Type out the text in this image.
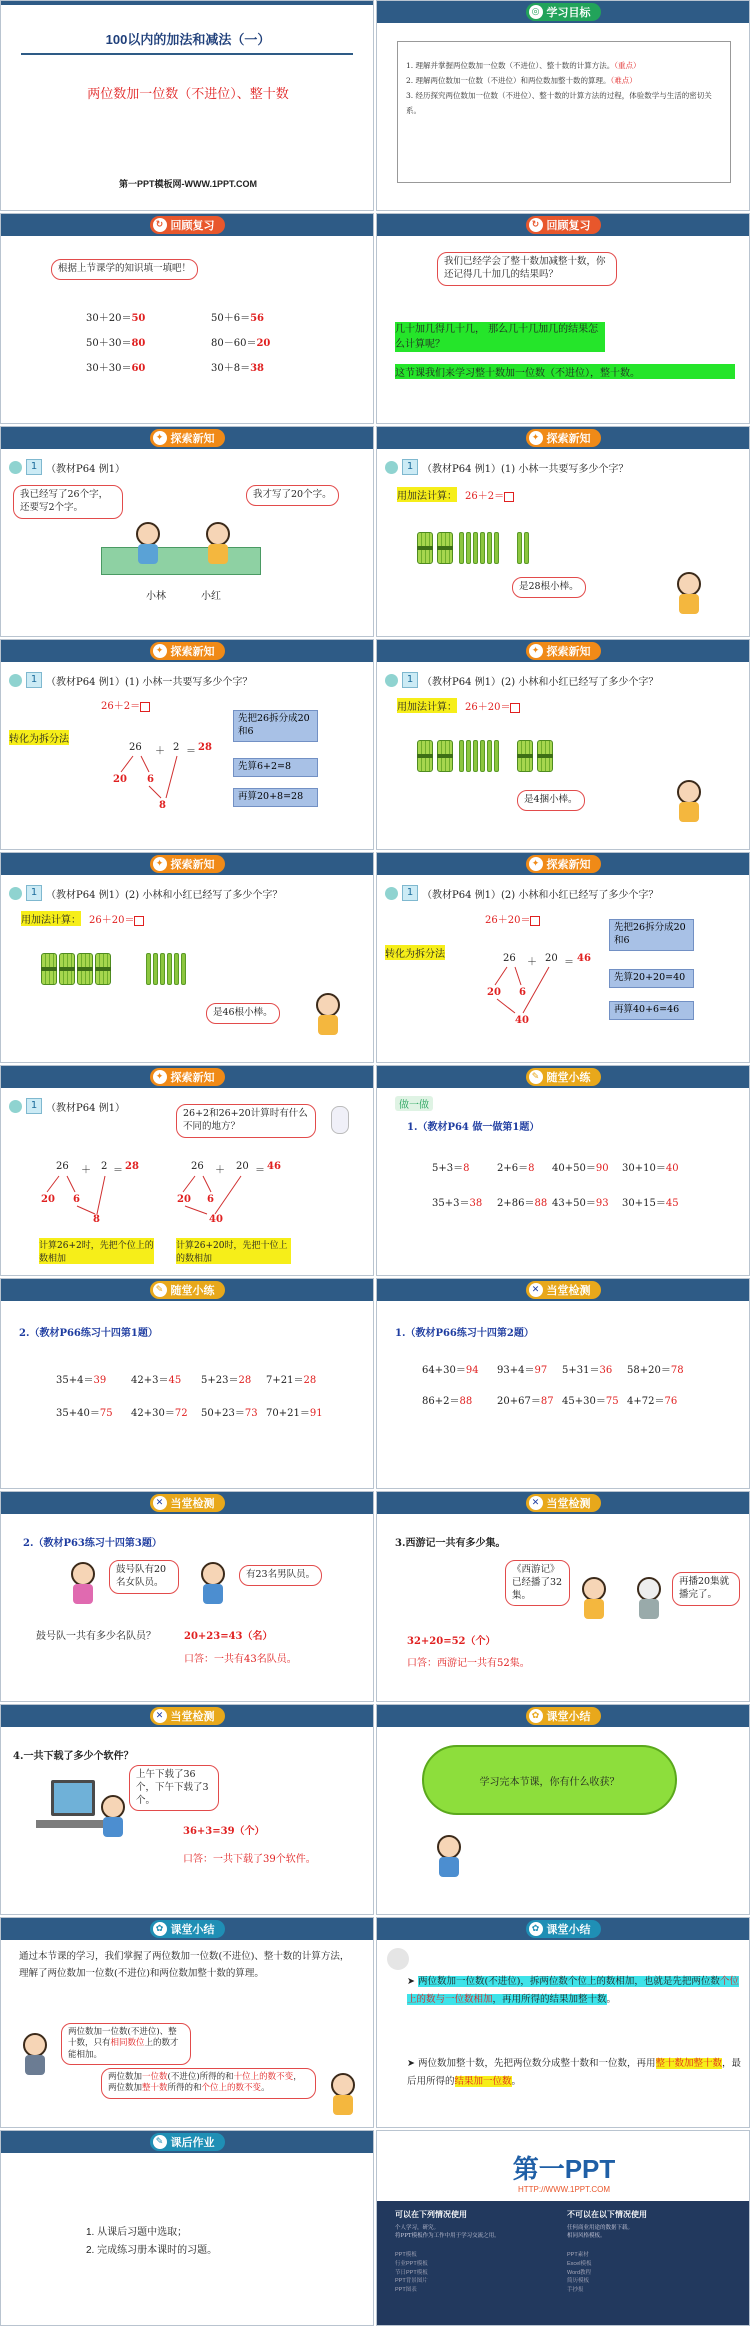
100以内的加法和减法（一）
两位数加一位数（不进位）、整十数
第一PPT模板网-WWW.1PPT.COM
◎ 学习目标
1. 理解并掌握两位数加一位数（不进位）、整十数的计算方法。（重点）
2. 理解两位数加一位数（不进位）和两位数加整十数的算理。（难点）
3. 经历探究两位数加一位数（不进位）、整十数的计算方法的过程，体验数学与生活的密切关系。
↻ 回顾复习
根据上节课学的知识填一填吧！
30＋20＝50	50＋6＝56
50＋30＝80	80－60＝20
30＋30＝60	30＋8＝38
↻ 回顾复习
我们已经学会了整十数加减整十数，你还记得几十加几的结果吗？
几十加几得几十几， 那么几十几加几的结果怎么计算呢？
这节课我们来学习整十数加一位数（不进位），整十数。
✦ 探索新知
1 （教材P64 例1）
我已经写了26个字，还要写2个字。
我才写了20个字。
小林	小红
✦ 探索新知
1 （教材P64 例1）(1) 小林一共要写多少个字？
用加法计算： 26＋2＝
是28根小棒。
✦ 探索新知
1 （教材P64 例1）(1) 小林一共要写多少个字？
26＋2＝
转化为拆分法
26 ＋ 2 ＝ 28
20 6
8
先把26拆分成20和6
先算6+2=8
再算20+8=28
✦ 探索新知
1 （教材P64 例1）(2) 小林和小红已经写了多少个字？
用加法计算： 26＋20＝
是4捆小棒。
✦ 探索新知
1 （教材P64 例1）(2) 小林和小红已经写了多少个字？
用加法计算： 26＋20＝
是46根小棒。
✦ 探索新知
1 （教材P64 例1）(2) 小林和小红已经写了多少个字？
26＋20＝
转化为拆分法	26 ＋ 20 ＝ 46
20 6
40
先把26拆分成20和6
先算20+20=40
再算40+6=46
✦ 探索新知
1 （教材P64 例1）	26+2和26+20计算时有什么不同的地方？
26 ＋ 2 ＝ 28
20 6
8
26 ＋ 20 ＝ 46
20 6
40
计算26+2时，先把个位上的数相加
计算26+20时，先把十位上的数相加
✎ 随堂小练
做一做
1.（教材P64 做一做第1题）
5+3＝8	2+6＝8 40+50＝90 30+10＝40
35+3＝38 2+86＝88 43+50＝93 30+15＝45
✎ 随堂小练
2.（教材P66练习十四第1题）
35+4＝39 42+3＝45 5+23＝28 7+21＝28
35+40＝75 42+30＝72 50+23＝73 70+21＝91
✕ 当堂检测
1.（教材P66练习十四第2题）
64+30＝94 93+4＝97 5+31＝36 58+20＝78
86+2＝88 20+67＝87 45+30＝75 4+72＝76
✕ 当堂检测
2.（教材P63练习十四第3题）
鼓号队有20名女队员。
有23名男队员。
鼓号队一共有多少名队员？	20+23=43（名）
口答：一共有43名队员。
✕ 当堂检测
3.西游记一共有多少集。
《西游记》已经播了32集。
再播20集就播完了。
32+20=52（个）
口答：西游记一共有52集。
✕ 当堂检测
4.一共下载了多少个软件？
上午下载了36个，下午下载了3个。
36+3=39（个）
口答：一共下载了39个软件。
✿ 课堂小结
学习完本节课，你有什么收获？
✿ 课堂小结
通过本节课的学习，我们掌握了两位数加一位数(不进位)、整十数的计算方法，理解了两位数加一位数(不进位)和两位数加整十数的算理。
两位数加一位数(不进位)、整十数，只有相同数位上的数才能相加。
两位数加一位数(不进位)所得的和十位上的数不变，两位数加整十数所得的和个位上的数不变。
✿ 课堂小结
➤ 两位数加一位数(不进位)，拆两位数个位上的数相加，也就是先把两位数个位上的数与一位数相加，再用所得的结果加整十数。
➤ 两位数加整十数，先把两位数分成整十数和一位数，再用整十数加整十数，最后用所得的结果加一位数。
✎ 课后作业
1. 从课后习题中选取；
2. 完成练习册本课时的习题。
第一PPT
HTTP://WWW.1PPT.COM
可以在下列情况使用	不可以在以下情况使用
个人学习，研究。
将PPT模板作为工作中用于学习交流之用。
任何商业用途的数据下载。
相同风格模板。
PPT模板
行业PPT模板
节日PPT模板
PPT背景图片
PPT图表
PPT素材
Excel模板
Word教程
简历模板
手抄报
